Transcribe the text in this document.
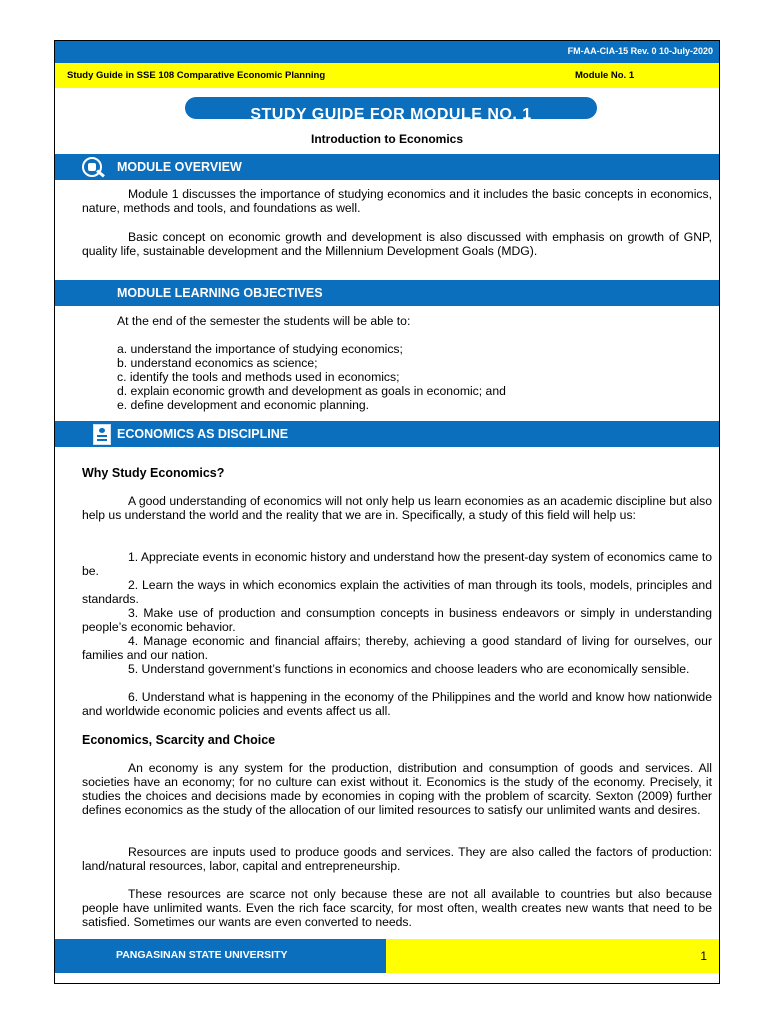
FM-AA-CIA-15 Rev. 0 10-July-2020
Study Guide in SSE 108 Comparative Economic Planning	Module No. 1
STUDY GUIDE FOR MODULE NO. 1
Introduction to Economics
MODULE OVERVIEW
Module 1 discusses the importance of studying economics and it includes the basic concepts in economics, nature, methods and tools, and foundations as well.
Basic concept on economic growth and development is also discussed with emphasis on growth of GNP, quality life, sustainable development and the Millennium Development Goals (MDG).
MODULE LEARNING OBJECTIVES
At the end of the semester the students will be able to:
a. understand the importance of studying economics;
b. understand economics as science;
c. identify the tools and methods used in economics;
d. explain economic growth and development as goals in economic; and
e. define development and economic planning.
ECONOMICS AS DISCIPLINE
Why Study Economics?
A good understanding of economics will not only help us learn economies as an academic discipline but also help us understand the world and the reality that we are in. Specifically, a study of this field will help us:
1. Appreciate events in economic history and understand how the present-day system of economics came to be.
2. Learn the ways in which economics explain the activities of man through its tools, models, principles and standards.
3. Make use of production and consumption concepts in business endeavors or simply in understanding people’s economic behavior.
4. Manage economic and financial affairs; thereby, achieving a good standard of living for ourselves, our families and our nation.
5. Understand government’s functions in economics and choose leaders who are economically sensible.
6. Understand what is happening in the economy of the Philippines and the world and know how nationwide and worldwide economic policies and events affect us all.
Economics, Scarcity and Choice
An economy is any system for the production, distribution and consumption of goods and services. All societies have an economy; for no culture can exist without it. Economics is the study of the economy. Precisely, it studies the choices and decisions made by economies in coping with the problem of scarcity. Sexton (2009) further defines economics as the study of the allocation of our limited resources to satisfy our unlimited wants and desires.
Resources are inputs used to produce goods and services. They are also called the factors of production: land/natural resources, labor, capital and entrepreneurship.
These resources are scarce not only because these are not all available to countries but also because people have unlimited wants. Even the rich face scarcity, for most often, wealth creates new wants that need to be satisfied. Sometimes our wants are even converted to needs.
PANGASINAN STATE UNIVERSITY	1
